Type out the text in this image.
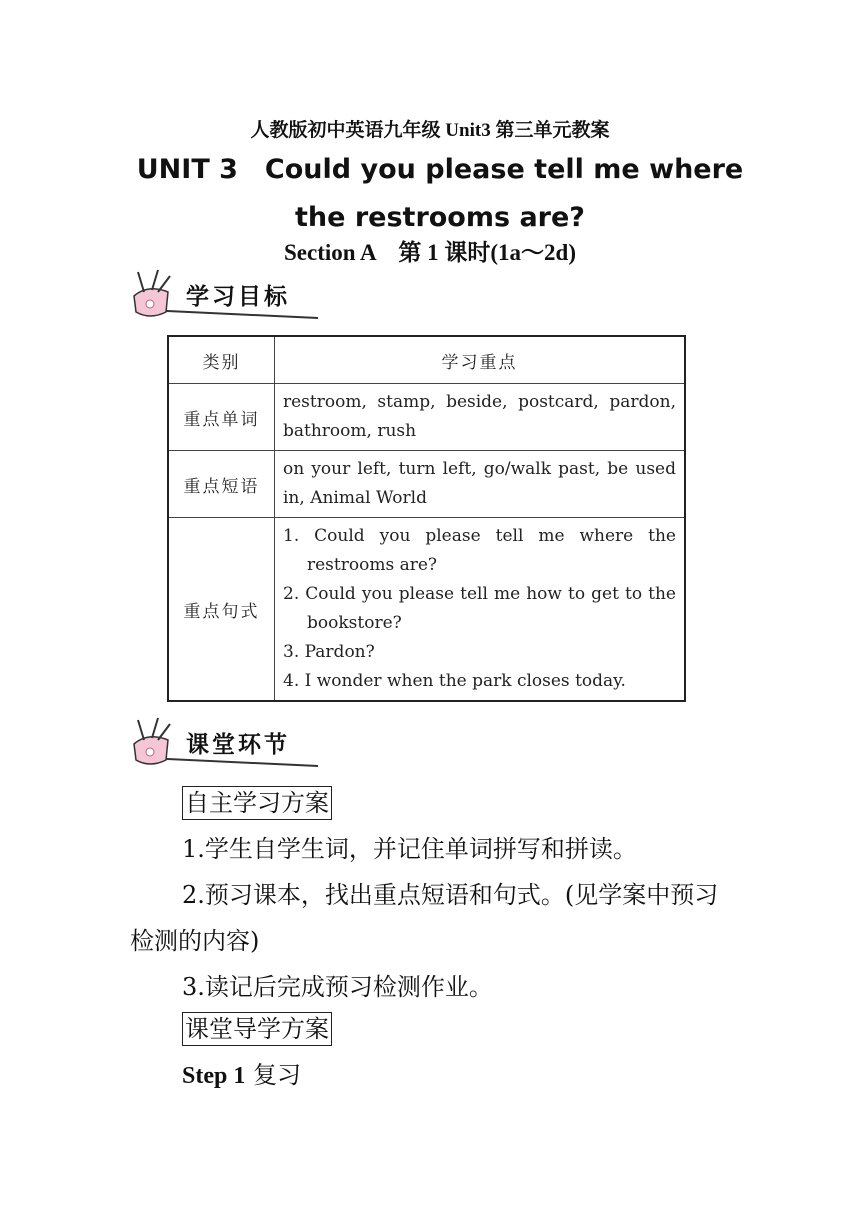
人教版初中英语九年级 Unit3 第三单元教案
UNIT 3　Could you please tell me where the restrooms are?
Section A　第 1 课时(1a～2d)
学习目标
类别	学习重点
重点单词	restroom, stamp, beside, postcard, pardon, bathroom, rush
重点短语	on your left, turn left, go/walk past, be used in, Animal World
重点句式	1. Could you please tell me where the restrooms are?
2. Could you please tell me how to get to the bookstore?
3. Pardon?
4. I wonder when the park closes today.
课堂环节
自主学习方案
1.学生自学生词，并记住单词拼写和拼读。
2.预习课本，找出重点短语和句式。(见学案中预习检测的内容)
3.读记后完成预习检测作业。
课堂导学方案
Step 1 复习
